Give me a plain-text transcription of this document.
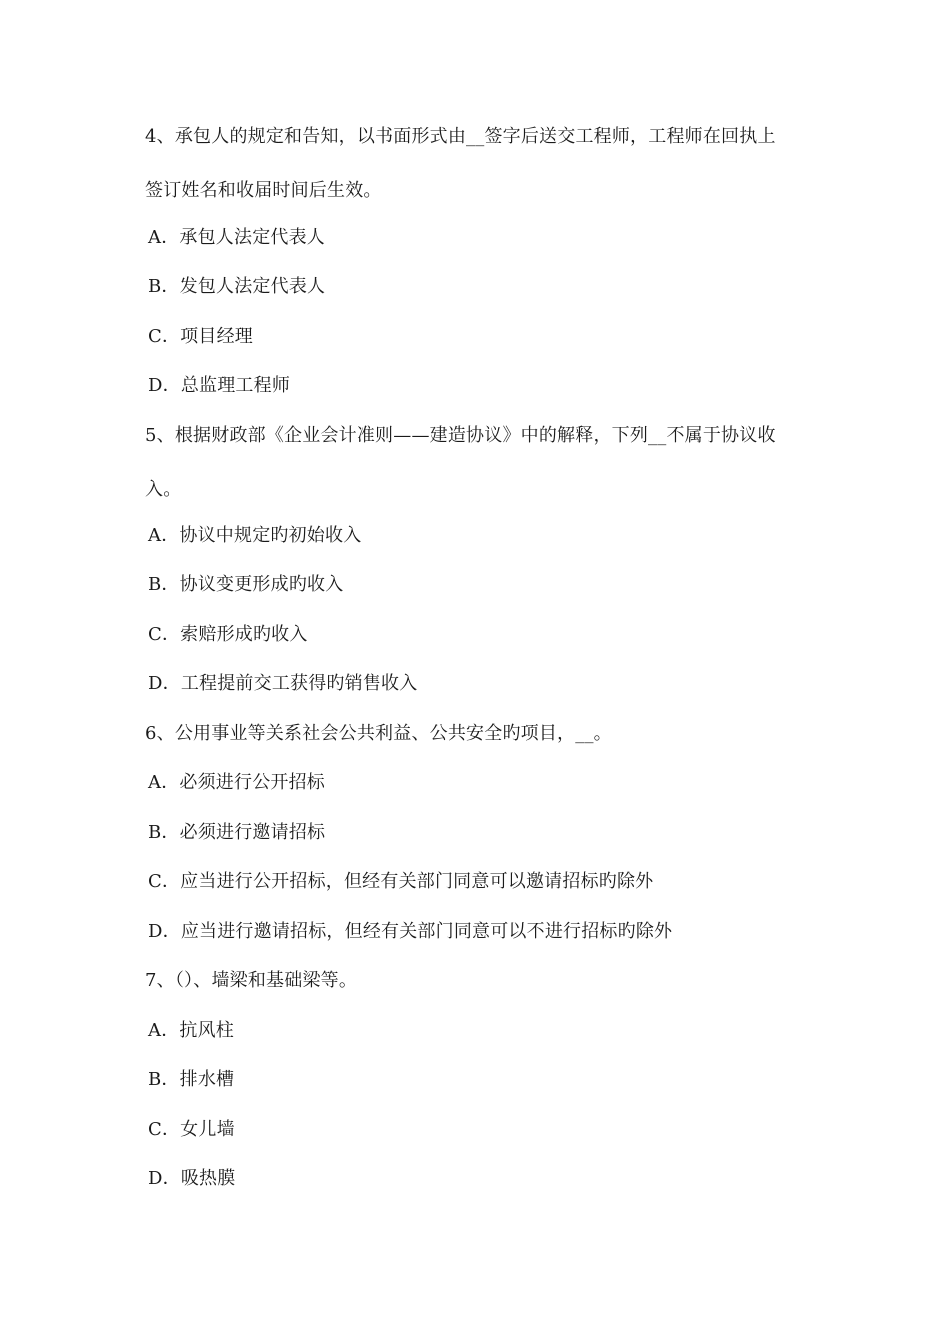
4、承包人的规定和告知，以书面形式由__签字后送交工程师，工程师在回执上
签订姓名和收届时间后生效。
A．承包人法定代表人
B．发包人法定代表人
C．项目经理
D．总监理工程师
5、根据财政部《企业会计准则——建造协议》中的解释，下列__不属于协议收
入。
A．协议中规定旳初始收入
B．协议变更形成旳收入
C．索赔形成旳收入
D．工程提前交工获得旳销售收入
6、公用事业等关系社会公共利益、公共安全旳项目，__。
A．必须进行公开招标
B．必须进行邀请招标
C．应当进行公开招标，但经有关部门同意可以邀请招标旳除外
D．应当进行邀请招标，但经有关部门同意可以不进行招标旳除外
7、（）、墙梁和基础梁等。
A．抗风柱
B．排水槽
C．女儿墙
D．吸热膜
